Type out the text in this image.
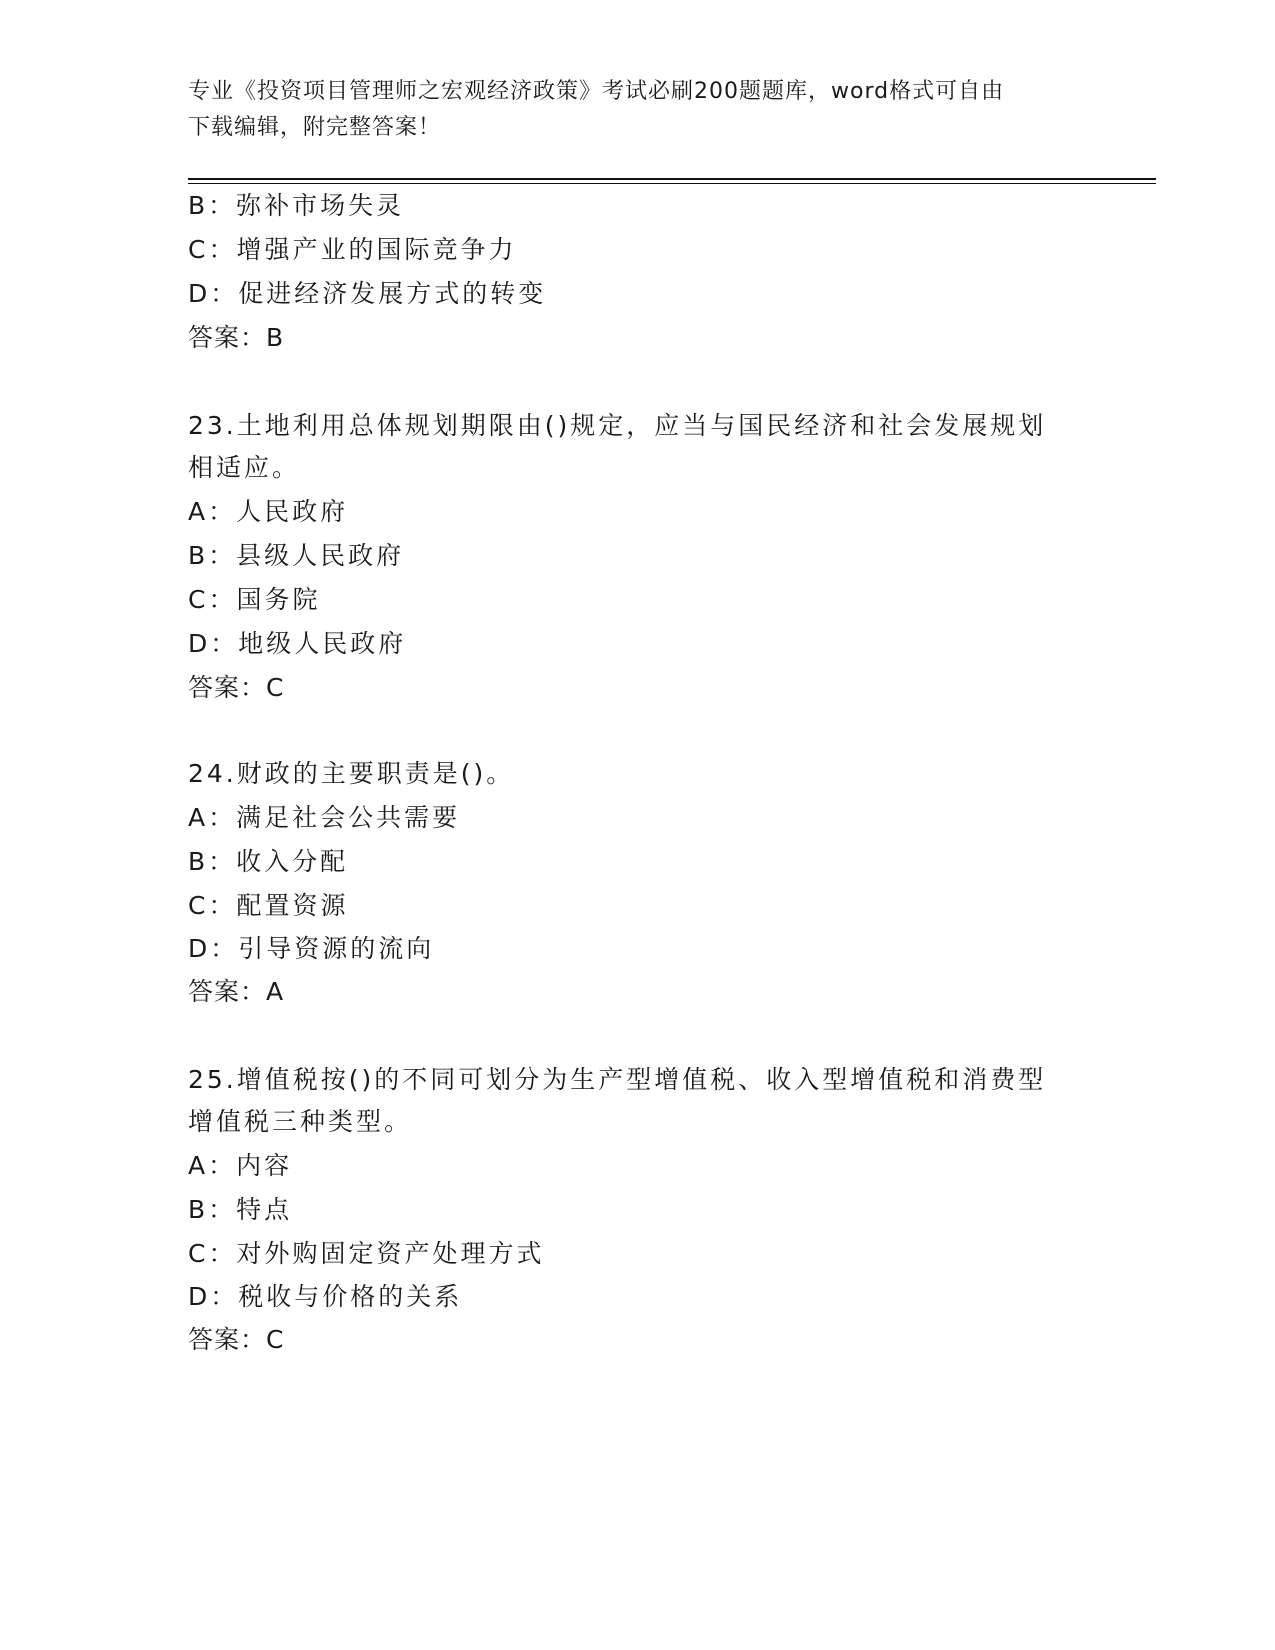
专业《投资项目管理师之宏观经济政策》考试必刷200题题库，word格式可自由
下载编辑，附完整答案！
B：弥补市场失灵
C：增强产业的国际竞争力
D：促进经济发展方式的转变
答案：B
23.土地利用总体规划期限由()规定，应当与国民经济和社会发展规划
相适应。
A：人民政府
B：县级人民政府
C：国务院
D：地级人民政府
答案：C
24.财政的主要职责是()。
A：满足社会公共需要
B：收入分配
C：配置资源
D：引导资源的流向
答案：A
25.增值税按()的不同可划分为生产型增值税、收入型增值税和消费型
增值税三种类型。
A：内容
B：特点
C：对外购固定资产处理方式
D：税收与价格的关系
答案：C
